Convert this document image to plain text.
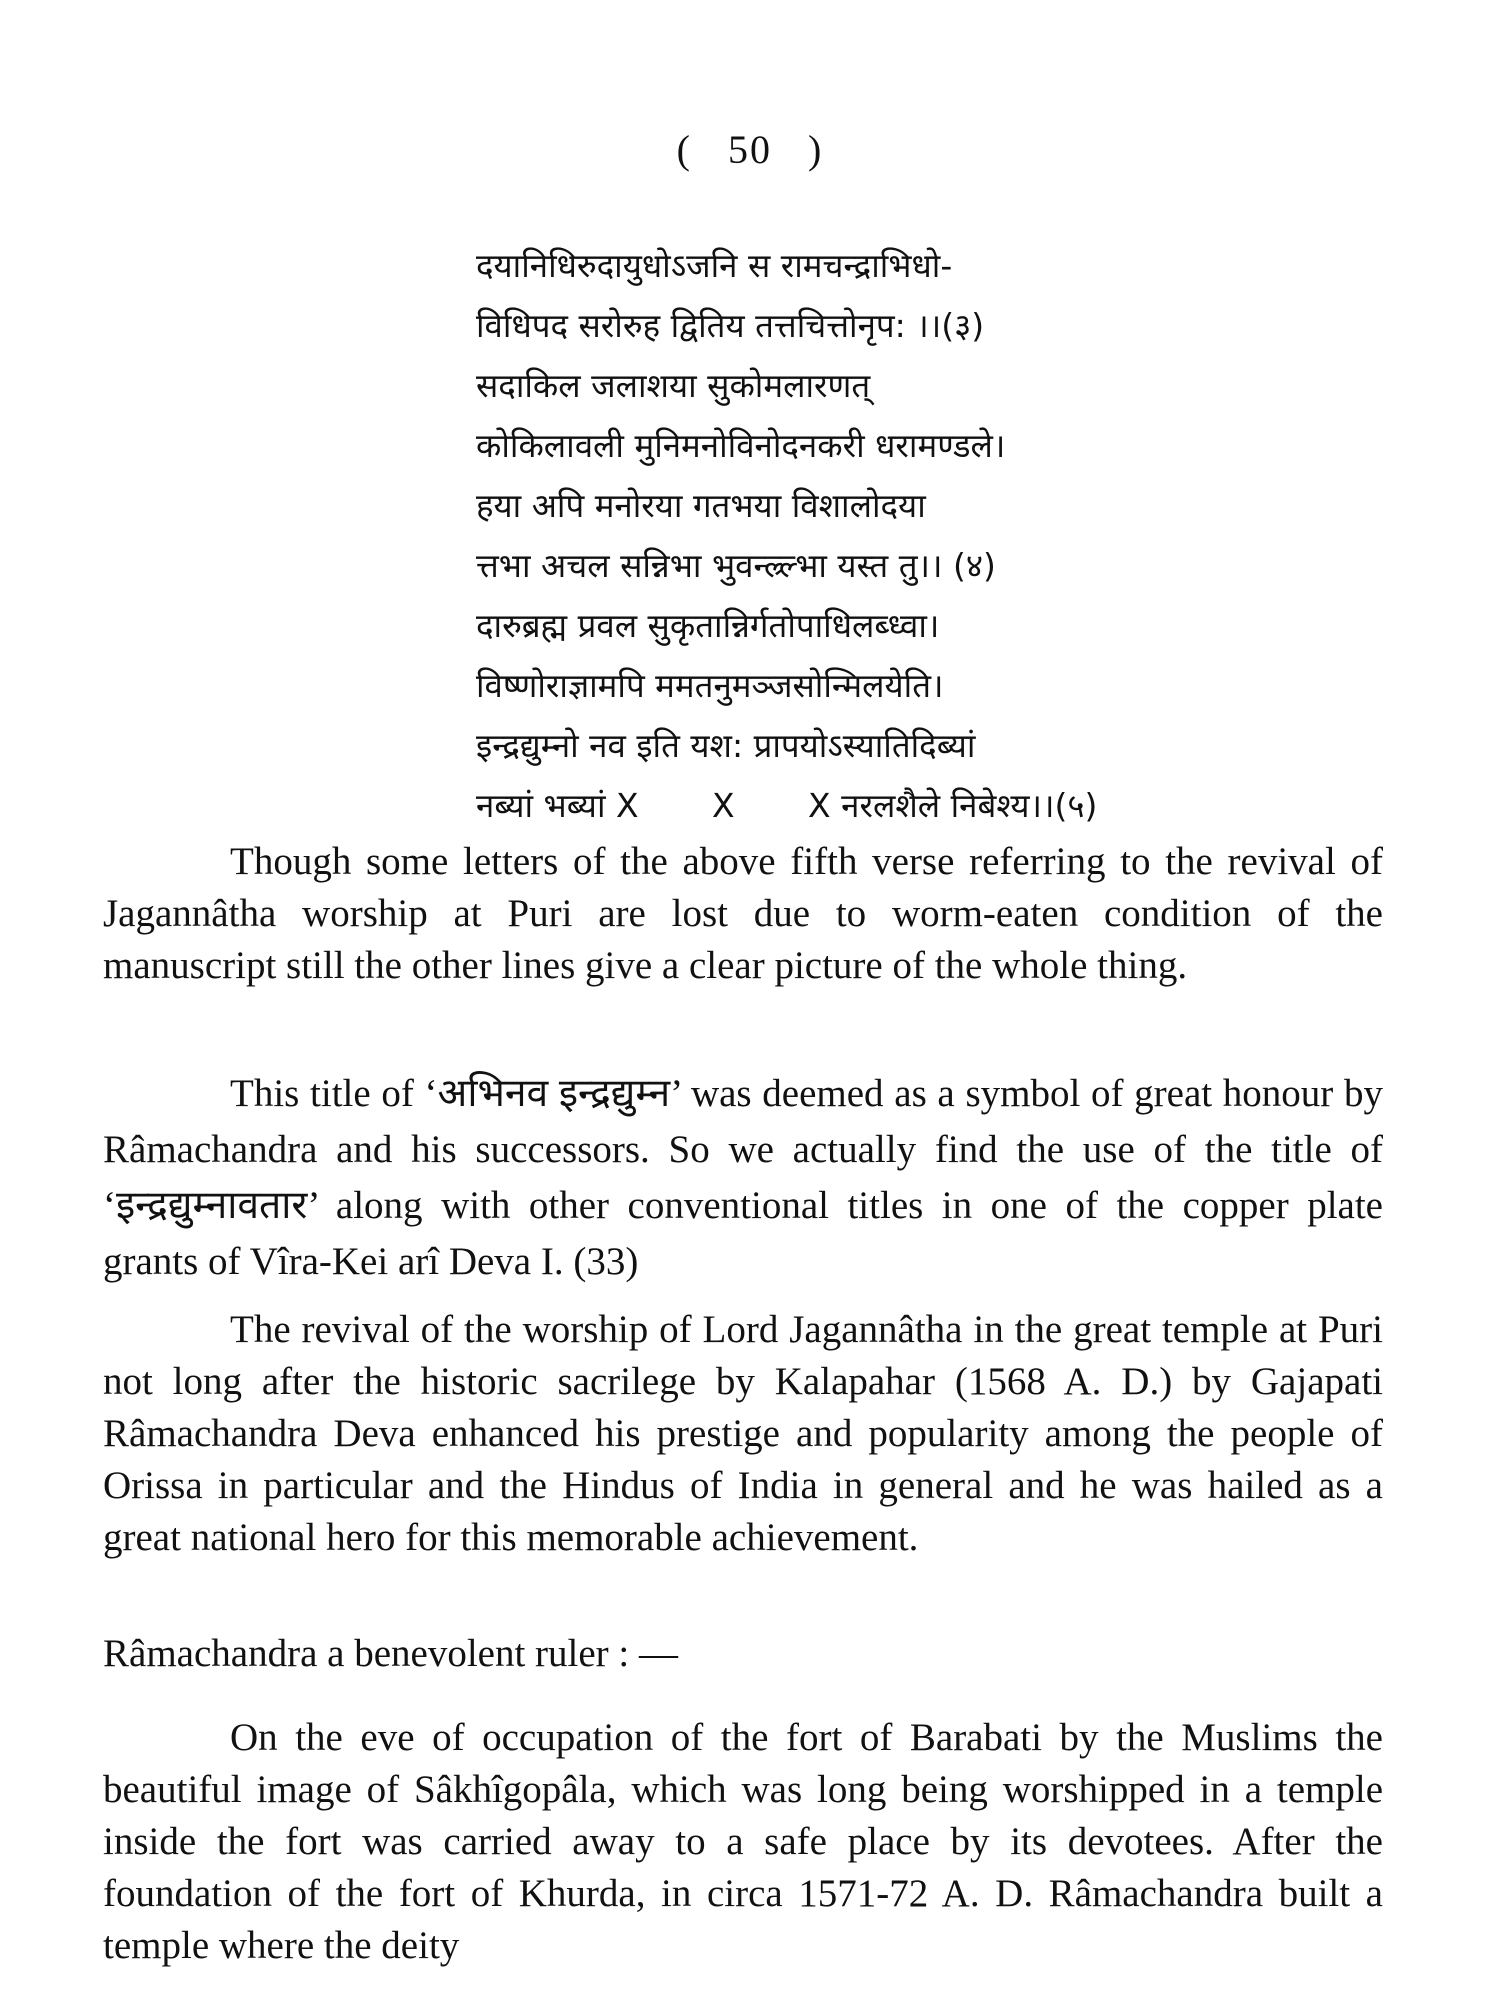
(   50   )
दयानिधिरुदायुधोऽजनि स रामचन्द्राभिधो-
विधिपद सरोरुह द्वितिय तत्तचित्तोनृप: ।।(३)
सदाकिल जलाशया सुकोमलारणत्
कोकिलावली मुनिमनोविनोदनकरी धरामण्डले।
हया अपि मनोरया गतभया विशालोदया
त्तभा अचल सन्निभा भुवन्ल्र्ल्भा यस्त तु।। (४)
दारुब्रह्म प्रवल सुकृतान्निर्गतोपाधिलब्ध्वा।
विष्णोराज्ञामपि ममतनुमञ्जसोन्मिलयेति।
इन्द्रद्युम्नो नव इति यश: प्रापयोऽस्यातिदिब्यां
नब्यां भब्यां X       X       X नरलशैले निबेश्य।।(५)

Though some letters of the above fifth verse referring to the revival of Jagannâtha worship at Puri are lost due to worm-eaten condition of the manuscript still the other lines give a clear picture of the whole thing.

This title of ‘अभिनव इन्द्रद्युम्न’ was deemed as a symbol of great honour by Râmachandra and his successors. So we actually find the use of the title of ‘इन्द्रद्युम्नावतार’ along with other conventional titles in one of the copper plate grants of Vîra-Kei arî Deva I. (33)

The revival of the worship of Lord Jagannâtha in the great temple at Puri not long after the historic sacrilege by Kalapahar (1568 A. D.) by Gajapati Râmachandra Deva enhanced his prestige and popularity among the people of Orissa in particular and the Hindus of India in general and he was hailed as a great national hero for this memorable achievement.

Râmachandra a benevolent ruler : —

On the eve of occupation of the fort of Barabati by the Muslims the beautiful image of Sâkhîgopâla, which was long being worshipped in a temple inside the fort was carried away to a safe place by its devotees. After the foundation of the fort of Khurda, in circa 1571-72 A. D. Râmachandra built a temple where the deity
